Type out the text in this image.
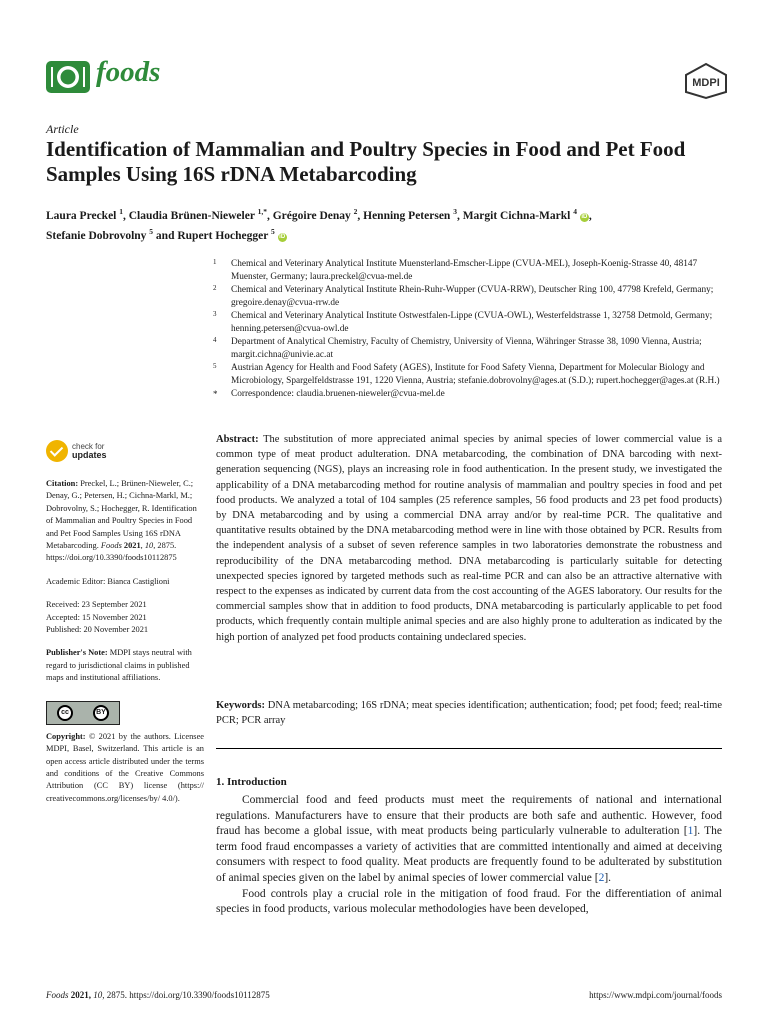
foods	MDPI
Article
Identification of Mammalian and Poultry Species in Food and Pet Food Samples Using 16S rDNA Metabarcoding
Laura Preckel $^1$, Claudia Brünen-Nieweler $^{1,*}$, Grégoire Denay $^2$, Henning Petersen $^3$, Margit Cichna-Markl $^4$ iD ,
Stefanie Dobrovolny $^5$ and Rupert Hochegger $^5$ iD
1 Chemical and Veterinary Analytical Institute Muensterland-Emscher-Lippe (CVUA-MEL), Joseph-Koenig-Strasse 40, 48147 Muenster, Germany; laura.preckel@cvua-mel.de
2 Chemical and Veterinary Analytical Institute Rhein-Ruhr-Wupper (CVUA-RRW), Deutscher Ring 100, 47798 Krefeld, Germany; gregoire.denay@cvua-rrw.de
3 Chemical and Veterinary Analytical Institute Ostwestfalen-Lippe (CVUA-OWL), Westerfeldstrasse 1, 32758 Detmold, Germany; henning.petersen@cvua-owl.de
4 Department of Analytical Chemistry, Faculty of Chemistry, University of Vienna, Währinger Strasse 38, 1090 Vienna, Austria; margit.cichna@univie.ac.at
5 Austrian Agency for Health and Food Safety (AGES), Institute for Food Safety Vienna, Department for Molecular Biology and Microbiology, Spargelfeldstrasse 191, 1220 Vienna, Austria; stefanie.dobrovolny@ages.at (S.D.); rupert.hochegger@ages.at (R.H.)
* Correspondence: claudia.bruenen-nieweler@cvua-mel.de
check for
updates
Citation: Preckel, L.; Brünen-Nieweler, C.; Denay, G.; Petersen, H.; Cichna-Markl, M.; Dobrovolny, S.; Hochegger, R. Identification of Mammalian and Poultry Species in Food and Pet Food Samples Using 16S rDNA Metabarcoding. Foods 2021, 10, 2875. https://doi.org/10.3390/foods10112875
Academic Editor: Bianca Castiglioni
Received: 23 September 2021
Accepted: 15 November 2021
Published: 20 November 2021
Publisher's Note: MDPI stays neutral with regard to jurisdictional claims in published maps and institutional affiliations.
cc	BY
Copyright: © 2021 by the authors. Licensee MDPI, Basel, Switzerland. This article is an open access article distributed under the terms and conditions of the Creative Commons Attribution (CC BY) license (https:// creativecommons.org/licenses/by/ 4.0/).
Abstract: The substitution of more appreciated animal species by animal species of lower commercial value is a common type of meat product adulteration. DNA metabarcoding, the combination of DNA barcoding with next-generation sequencing (NGS), plays an increasing role in food authentication. In the present study, we investigated the applicability of a DNA metabarcoding method for routine analysis of mammalian and poultry species in food and pet food products. We analyzed a total of 104 samples (25 reference samples, 56 food products and 23 pet food products) by DNA metabarcoding and by using a commercial DNA array and/or by real-time PCR. The qualitative and quantitative results obtained by the DNA metabarcoding method were in line with those obtained by PCR. Results from the independent analysis of a subset of seven reference samples in two laboratories demonstrate the robustness and reproducibility of the DNA metabarcoding method. DNA metabarcoding is particularly suitable for detecting unexpected species ignored by targeted methods such as real-time PCR and can also be an attractive alternative with respect to the expenses as indicated by current data from the cost accounting of the AGES laboratory. Our results for the commercial samples show that in addition to food products, DNA metabarcoding is particularly applicable to pet food products, which frequently contain multiple animal species and are also highly prone to adulteration as indicated by the high portion of analyzed pet food products containing undeclared species.
Keywords: DNA metabarcoding; 16S rDNA; meat species identification; authentication; food; pet food; feed; real-time PCR; PCR array
1. Introduction

Commercial food and feed products must meet the requirements of national and international regulations. Manufacturers have to ensure that their products are both safe and authentic. However, food fraud has become a global issue, with meat products being particularly vulnerable to adulteration [1]. The term food fraud encompasses a variety of activities that are committed intentionally and aimed at deceiving consumers with respect to food quality. Meat products are frequently found to be adulterated by substitution of animal species given on the label by animal species of lower commercial value [2].

Food controls play a crucial role in the mitigation of food fraud. For the differentiation of animal species in food products, various molecular methodologies have been developed,

Foods 2021, 10, 2875. https://doi.org/10.3390/foods10112875	https://www.mdpi.com/journal/foods
